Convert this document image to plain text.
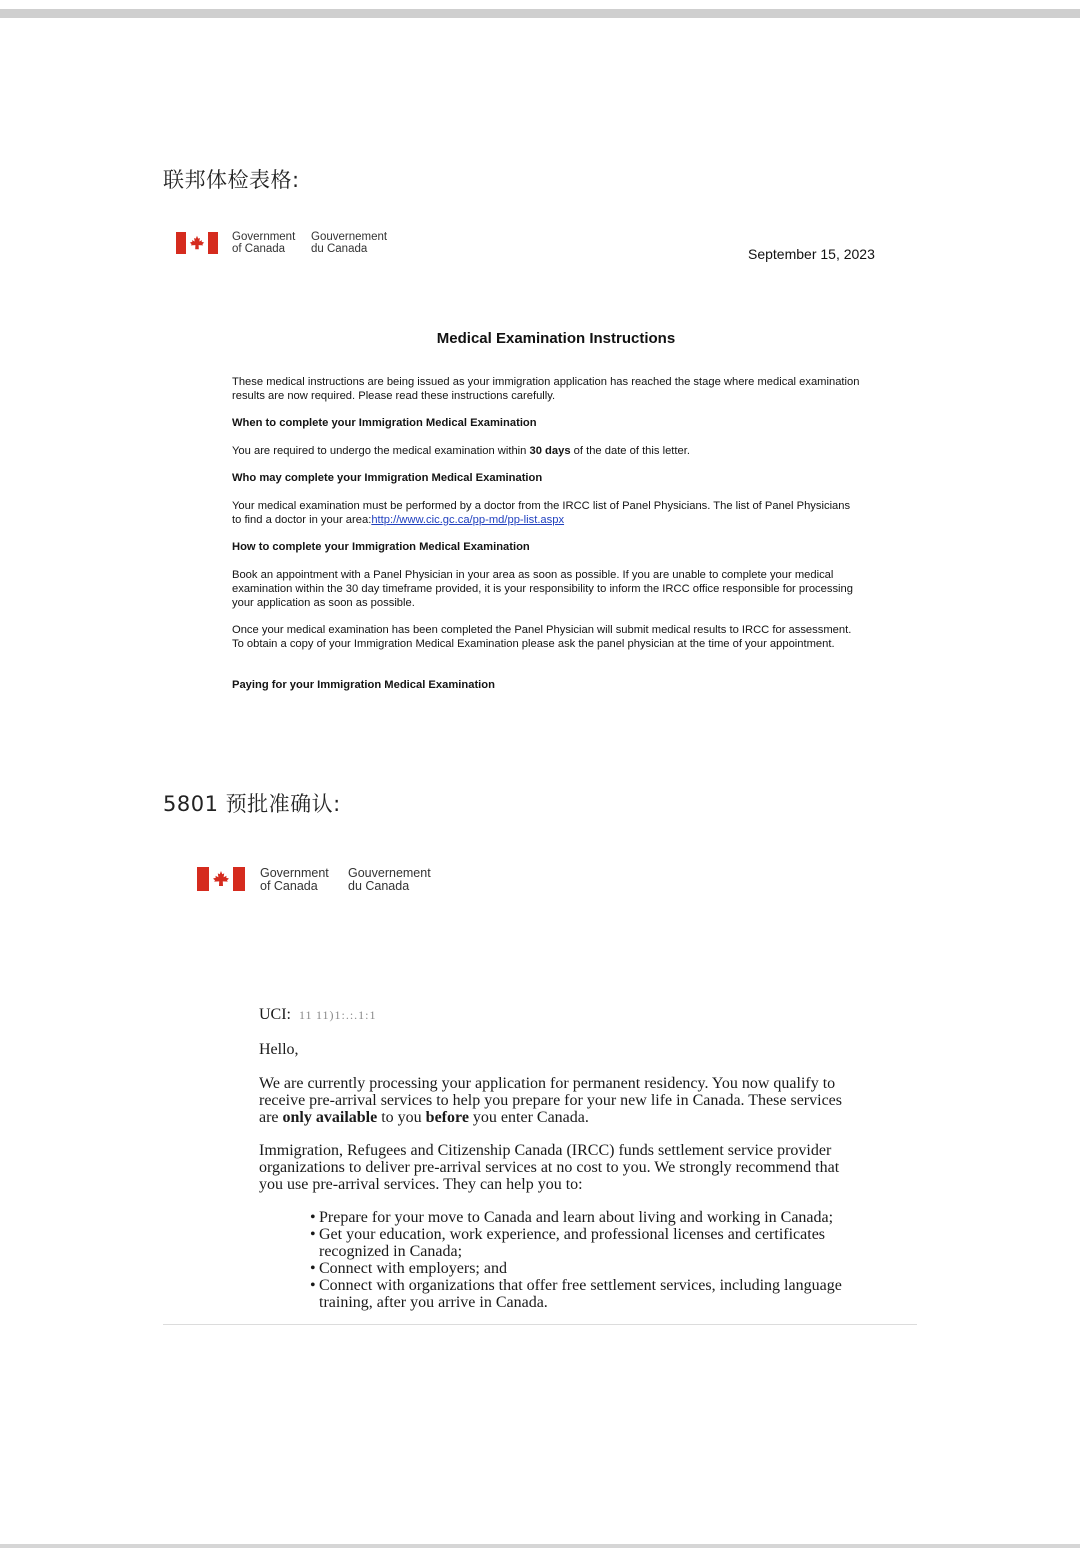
联邦体检表格:
Government
of Canada
Gouvernement
du Canada	September 15, 2023
Medical Examination Instructions

These medical instructions are being issued as your immigration application has reached the stage where medical examination results are now required. Please read these instructions carefully.

When to complete your Immigration Medical Examination

You are required to undergo the medical examination within 30 days of the date of this letter.

Who may complete your Immigration Medical Examination

Your medical examination must be performed by a doctor from the IRCC list of Panel Physicians. The list of Panel Physicians to find a doctor in your area:http://www.cic.gc.ca/pp-md/pp-list.aspx

How to complete your Immigration Medical Examination

Book an appointment with a Panel Physician in your area as soon as possible. If you are unable to complete your medical examination within the 30 day timeframe provided, it is your responsibility to inform the IRCC office responsible for processing your application as soon as possible.

Once your medical examination has been completed the Panel Physician will submit medical results to IRCC for assessment. To obtain a copy of your Immigration Medical Examination please ask the panel physician at the time of your appointment.

Paying for your Immigration Medical Examination

5801 预批准确认:
Government
of Canada
Gouvernement
du Canada

UCI: 11 11)1:.:.1:1

Hello,

We are currently processing your application for permanent residency. You now qualify to receive pre-arrival services to help you prepare for your new life in Canada. These services are only available to you before you enter Canada.

Immigration, Refugees and Citizenship Canada (IRCC) funds settlement service provider organizations to deliver pre-arrival services at no cost to you. We strongly recommend that you use pre-arrival services. They can help you to:

• Prepare for your move to Canada and learn about living and working in Canada;
• Get your education, work experience, and professional licenses and certificates recognized in Canada;
• Connect with employers; and
• Connect with organizations that offer free settlement services, including language training, after you arrive in Canada.
